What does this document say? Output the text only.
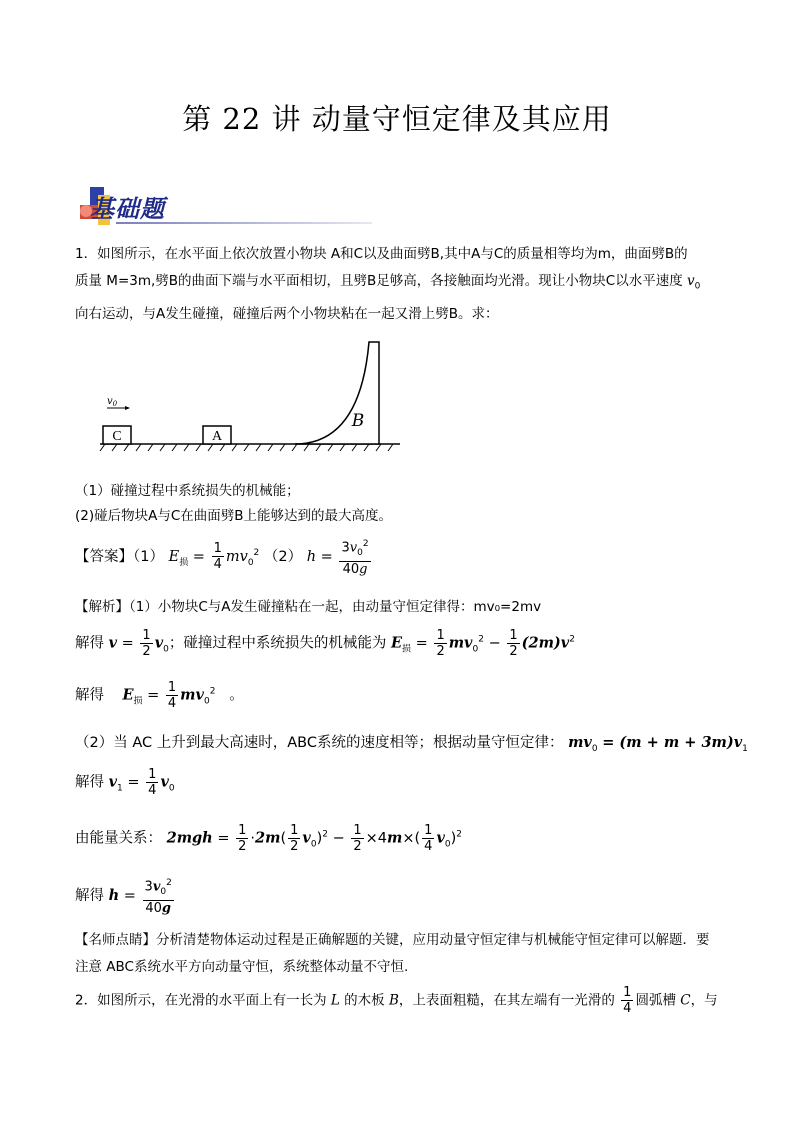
第 22 讲 动量守恒定律及其应用
基础题
1．如图所示，在水平面上依次放置小物块 A和C以及曲面劈B,其中A与C的质量相等均为m，曲面劈B的
质量 M=3m,劈B的曲面下端与水平面相切，且劈B足够高，各接触面均光滑。现让小物块C以水平速度 $v_0$
向右运动，与A发生碰撞，碰撞后两个小物块粘在一起又滑上劈B。求：
C
$v_0$
A
B
（1）碰撞过程中系统损失的机械能；
(2)碰后物块A与C在曲面劈B上能够达到的最大高度。
【答案】（1） $E_损 = \frac{1}{4} mv_0^2$ （2） $h = \frac{3v_0^2}{40g}$
【解析】（1）小物块C与A发生碰撞粘在一起，由动量守恒定律得：mv₀=2mv
解得 $v = \frac{1}{2} v_0$；碰撞过程中系统损失的机械能为 $E_损 = \frac{1}{2} mv_0^2 - \frac{1}{2} (2m)v^2$
解得 $E_损 = \frac{1}{4} mv_0^2$   。
（2）当 AC 上升到最大高速时，ABC系统的速度相等；根据动量守恒定律： $mv_0 = (m + m + 3m)v_1$
解得 $v_1 = \frac{1}{4} v_0$
由能量关系： $2mgh = \frac{1}{2} \cdot 2m( \frac{1}{2} v_0)^2 - \frac{1}{2} \times 4m\times( \frac{1}{4} v_0)^2$
解得 $h = \frac{3v_0^2}{40g}$
【名师点睛】分析清楚物体运动过程是正确解题的关键，应用动量守恒定律与机械能守恒定律可以解题．要
注意 ABC系统水平方向动量守恒，系统整体动量不守恒.
2．如图所示，在光滑的水平面上有一长为 L 的木板 B，上表面粗糙，在其左端有一光滑的 $\frac{1}{4}$ 圆弧槽 C，与
